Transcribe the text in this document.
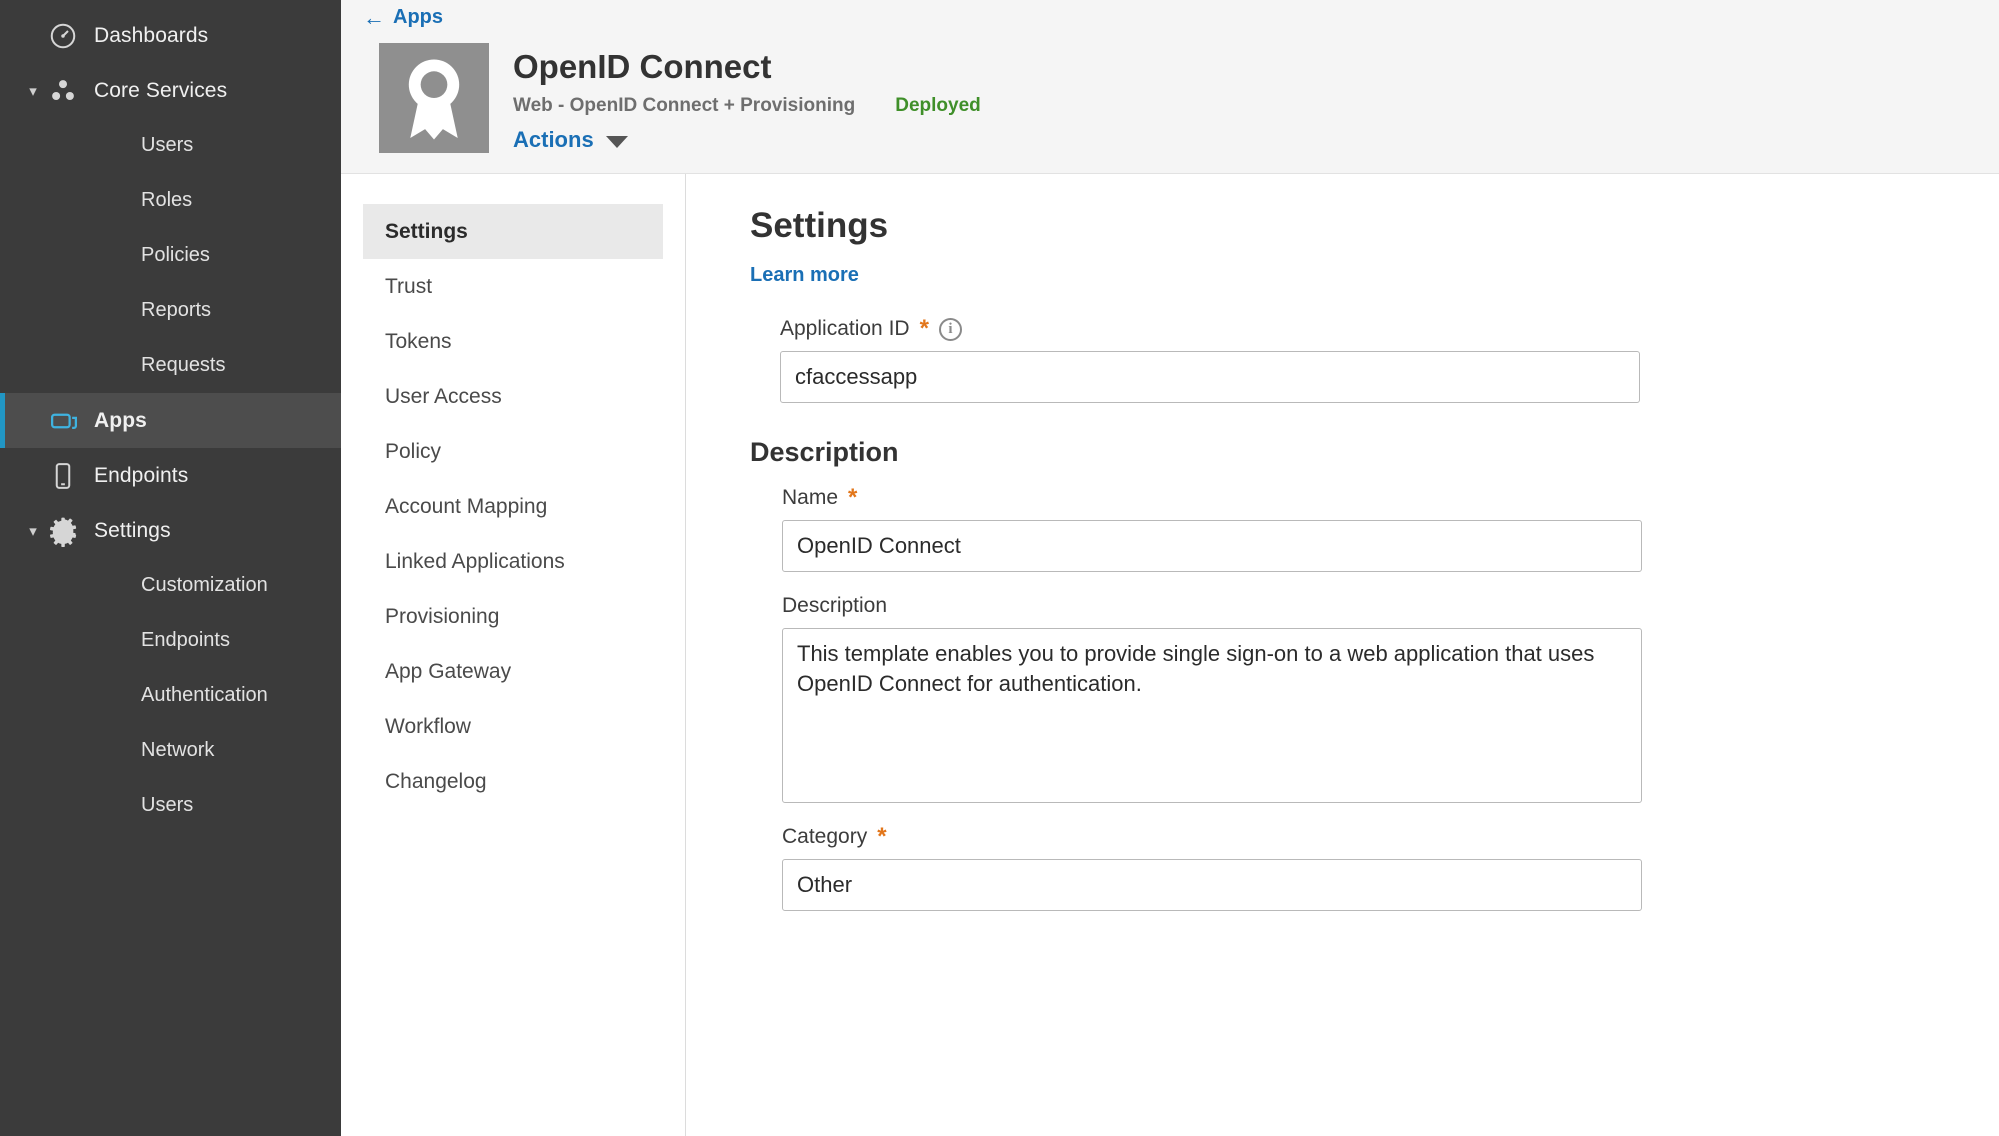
Dashboards
▾	Core Services
Users
Roles
Policies
Reports
Requests
Apps
Endpoints
▾	Settings
Customization
Endpoints
Authentication
Network
Users
← Apps
OpenID Connect
Web - OpenID Connect + Provisioning Deployed
Actions
Settings
Trust
Tokens
User Access
Policy
Account Mapping
Linked Applications
Provisioning
App Gateway
Workflow
Changelog
Settings
Learn more
Application ID *	i
cfaccessapp
Description
Name *
OpenID Connect
Description
This template enables you to provide single sign-on to a web application that uses OpenID Connect for authentication.
Category *
Other
